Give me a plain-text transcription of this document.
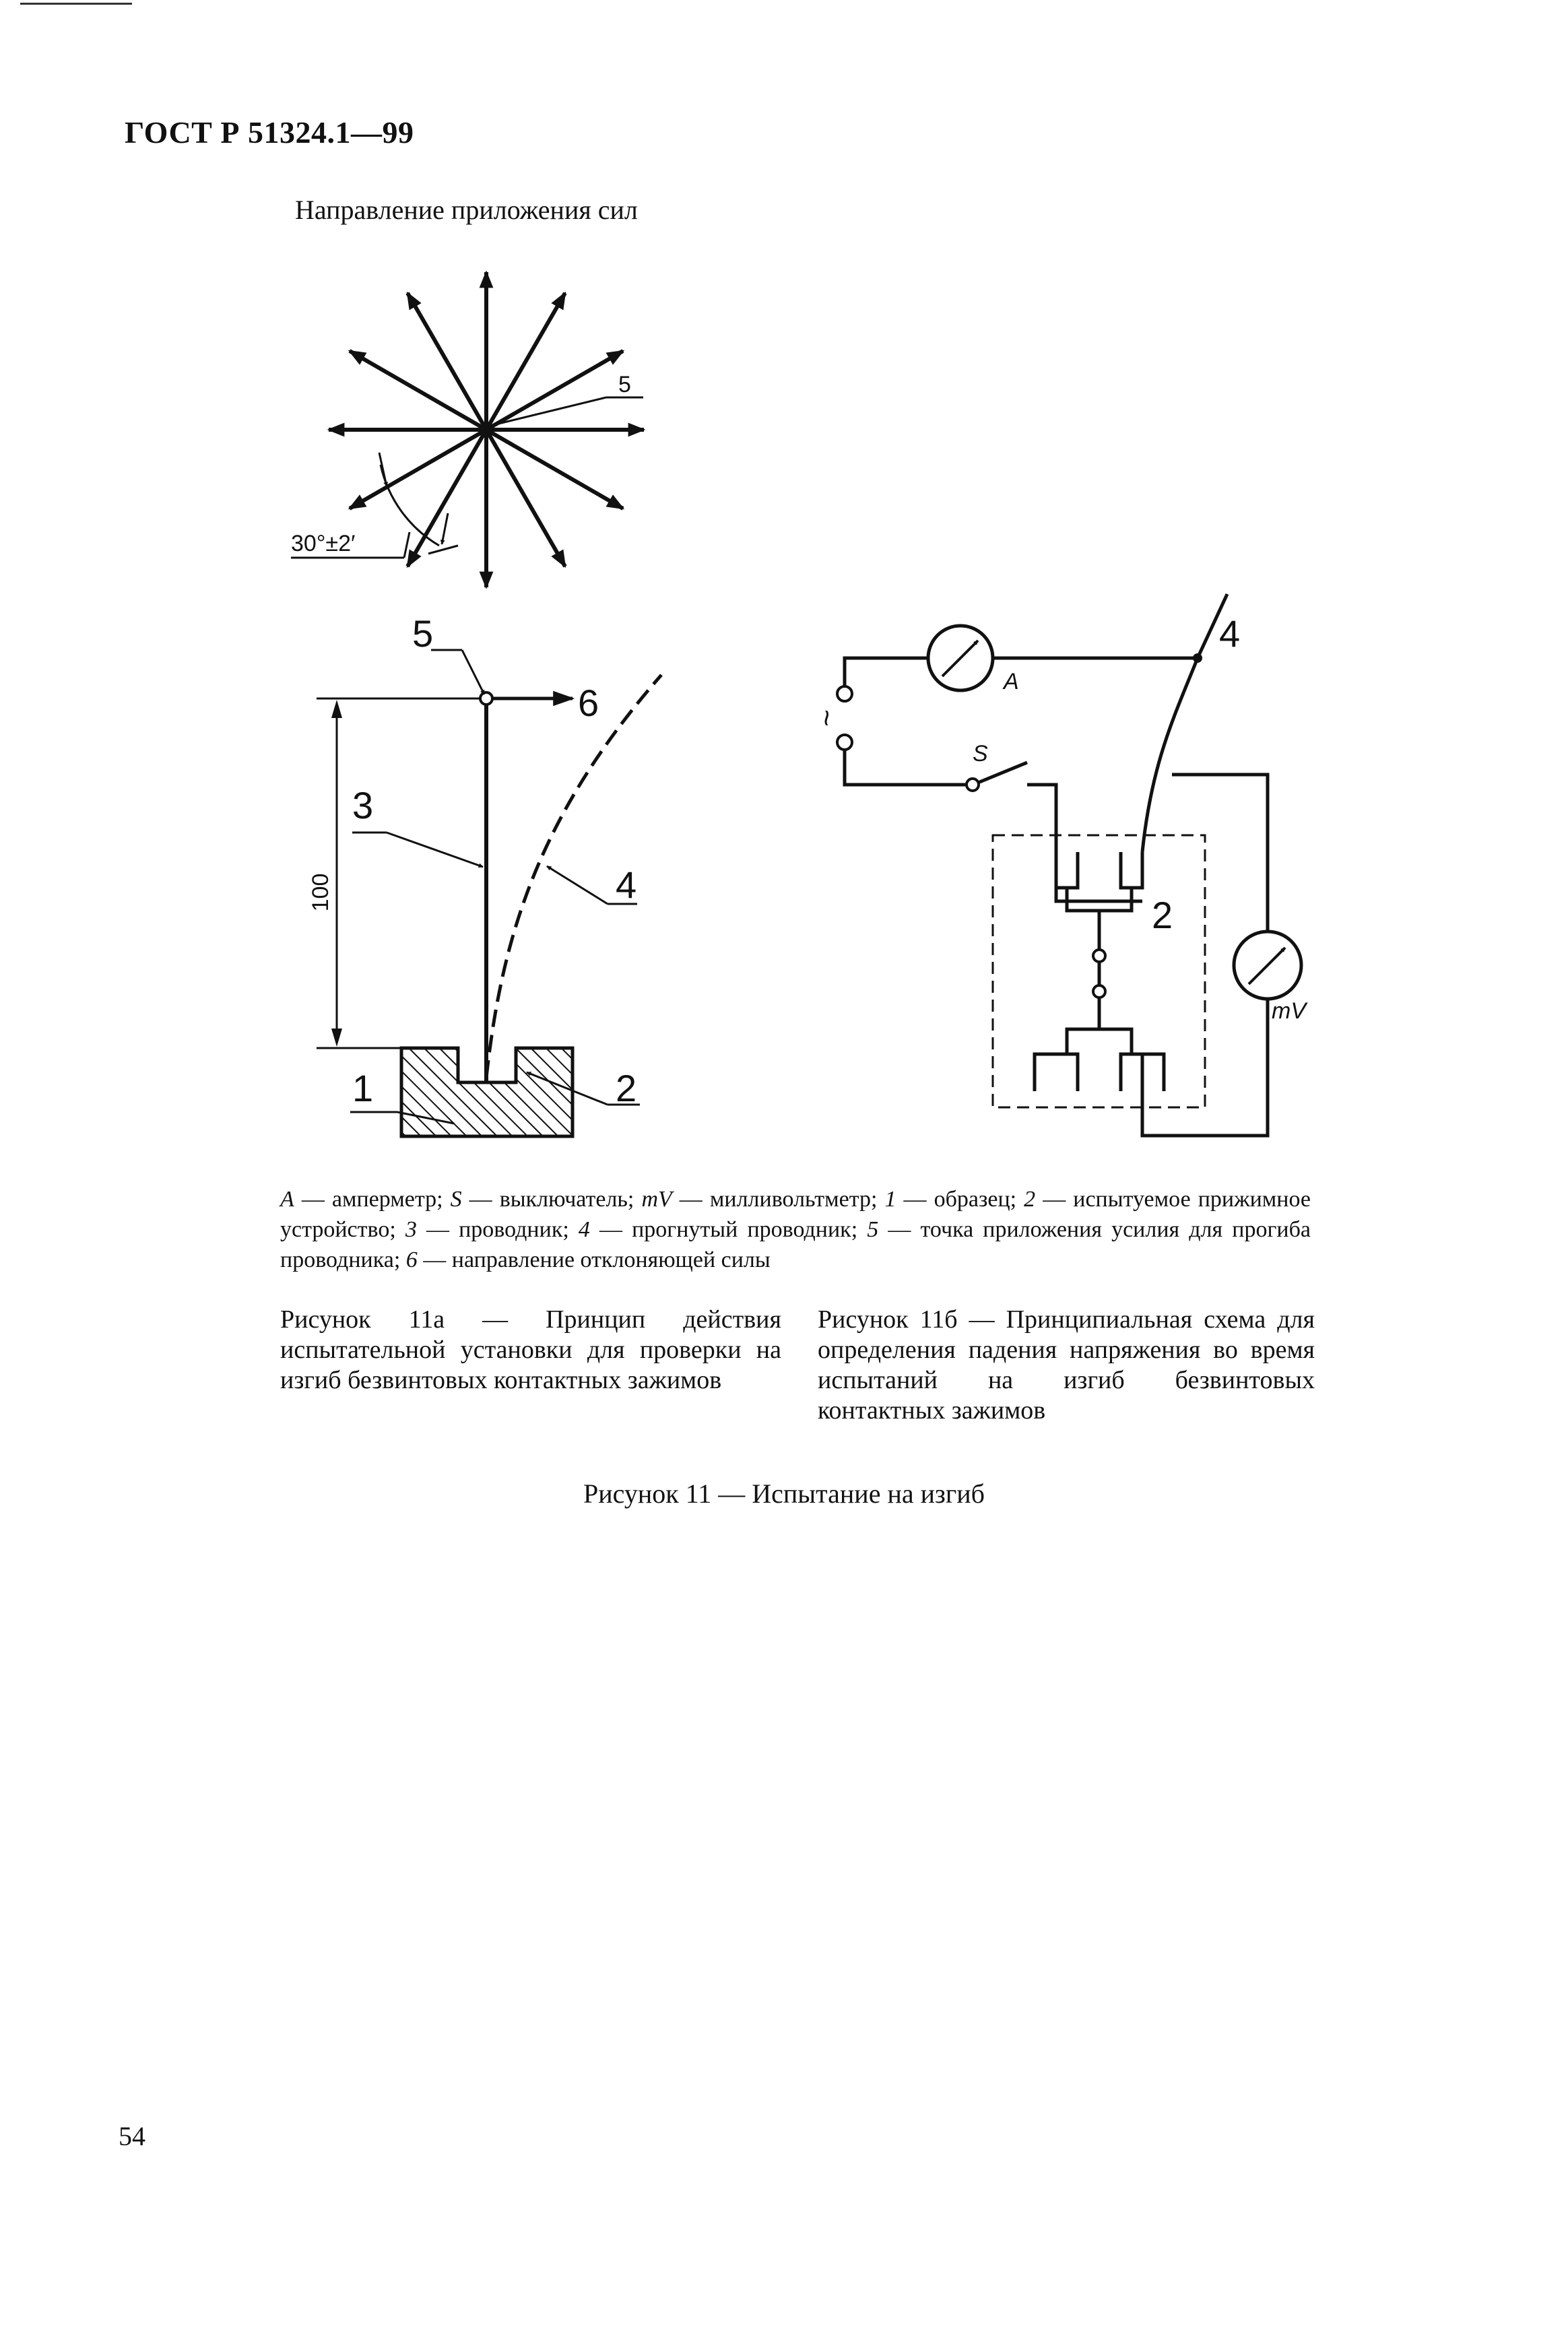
ГОСТ Р 51324.1—99
Направление приложения сил
5
30°±2′
100
5
6
3
4
1	2
A
~
S
mV
4
2
A — амперметр; S — выключатель; mV — милливольтметр; 1 — образец; 2 — испытуемое прижимное устройство; 3 — проводник; 4 — прогнутый проводник; 5 — точка приложения усилия для прогиба проводника; 6 — направление отклоняющей силы
Рисунок 11а — Принцип действия испытательной установки для проверки на изгиб безвинтовых контактных зажимов
Рисунок 11б — Принципиальная схема для определения падения напряжения во время испытаний на изгиб безвинтовых контактных зажимов
Рисунок 11 — Испытание на изгиб
54
